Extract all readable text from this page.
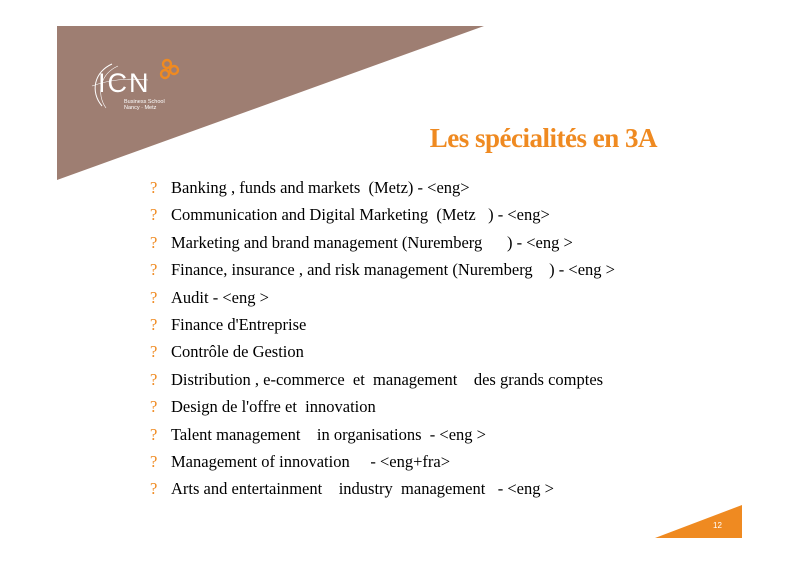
ICN
Business School
Nancy · Metz
Les spécialités en 3A
? Banking , funds and markets  (Metz) - <eng>
? Communication and Digital Marketing  (Metz   ) - <eng>
? Marketing and brand management (Nuremberg      ) - <eng >
? Finance, insurance , and risk management (Nuremberg    ) - <eng >
? Audit - <eng >
? Finance d'Entreprise
? Contrôle de Gestion
? Distribution , e-commerce  et  management    des grands comptes
? Design de l'offre et  innovation
? Talent management    in organisations  - <eng >
? Management of innovation     - <eng+fra>
? Arts and entertainment    industry  management   - <eng >
12
